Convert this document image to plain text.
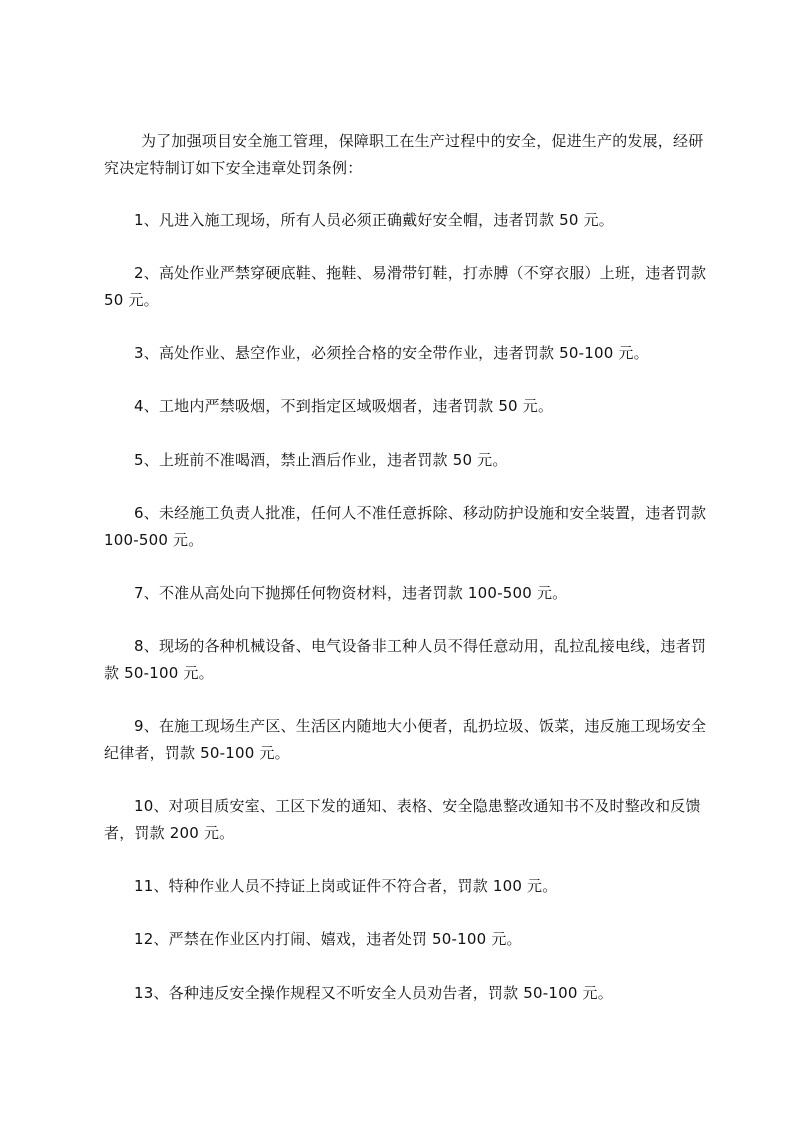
为了加强项目安全施工管理，保障职工在生产过程中的安全，促进生产的发展，经研究决定特制订如下安全违章处罚条例：

1、凡进入施工现场，所有人员必须正确戴好安全帽，违者罚款 50 元。

2、高处作业严禁穿硬底鞋、拖鞋、易滑带钉鞋，打赤膊（不穿衣服）上班，违者罚款 50 元。

3、高处作业、悬空作业，必须拴合格的安全带作业，违者罚款 50-100 元。

4、工地内严禁吸烟，不到指定区域吸烟者，违者罚款 50 元。

5、上班前不准喝酒，禁止酒后作业，违者罚款 50 元。

6、未经施工负责人批准，任何人不准任意拆除、移动防护设施和安全装置，违者罚款 100-500 元。

7、不准从高处向下抛掷任何物资材料，违者罚款 100-500 元。

8、现场的各种机械设备、电气设备非工种人员不得任意动用，乱拉乱接电线，违者罚款 50-100 元。

9、在施工现场生产区、生活区内随地大小便者，乱扔垃圾、饭菜，违反施工现场安全纪律者，罚款 50-100 元。

10、对项目质安室、工区下发的通知、表格、安全隐患整改通知书不及时整改和反馈者，罚款 200 元。

11、特种作业人员不持证上岗或证件不符合者，罚款 100 元。

12、严禁在作业区内打闹、嬉戏，违者处罚 50-100 元。

13、各种违反安全操作规程又不听安全人员劝告者，罚款 50-100 元。
